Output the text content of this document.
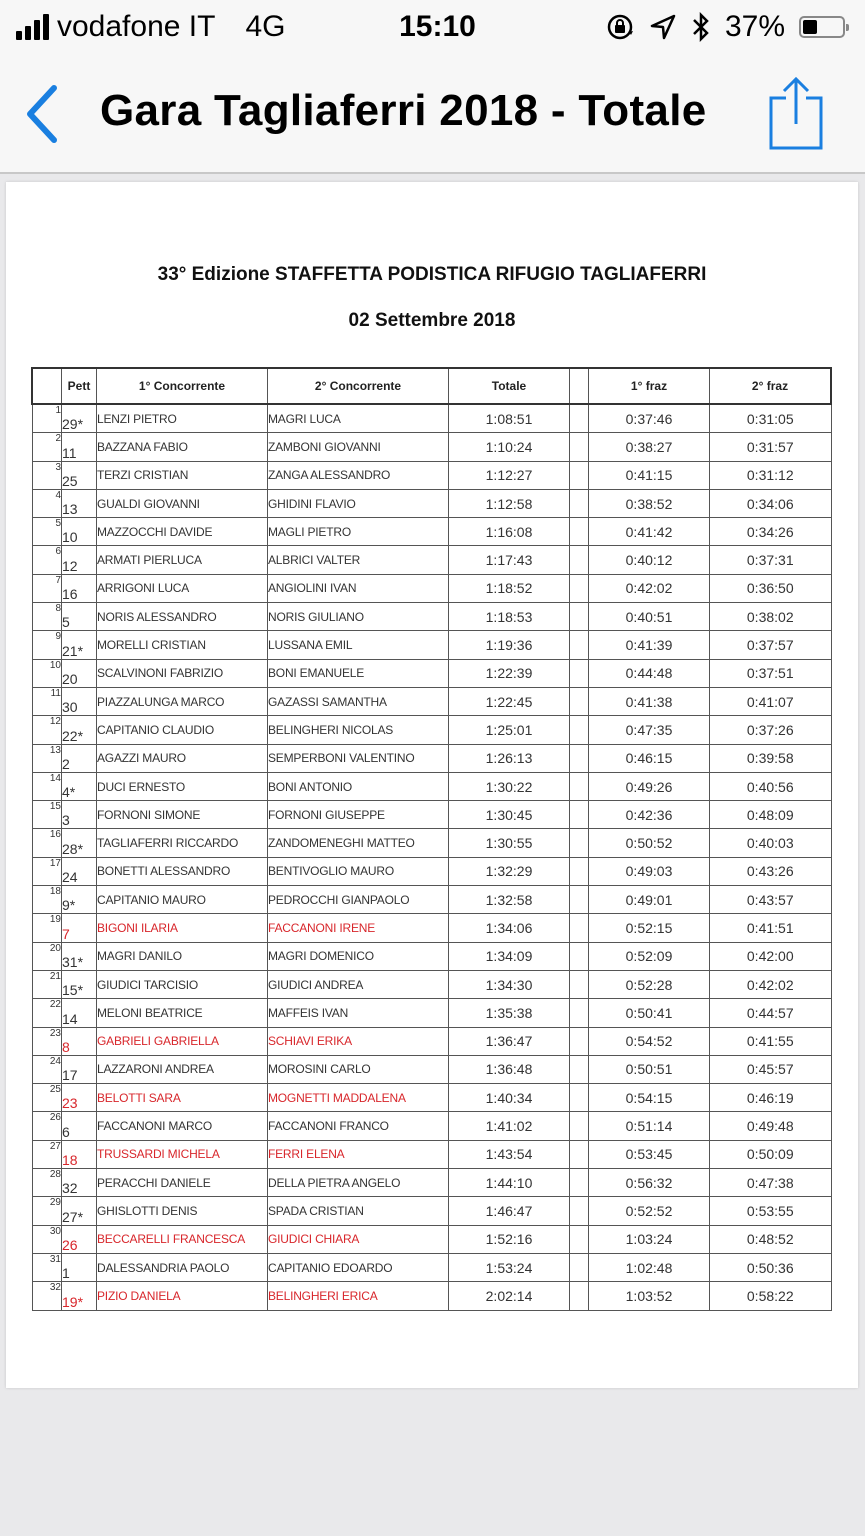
vodafone IT 4G	15:10	37%
Gara Tagliaferri 2018 - Totale
33° Edizione STAFFETTA PODISTICA RIFUGIO TAGLIAFERRI
02 Settembre 2018
	Pett	1° Concorrente	2° Concorrente	Totale		1° fraz	2° fraz
1	29*	LENZI PIETRO	MAGRI LUCA	1:08:51		0:37:46	0:31:05
2	11	BAZZANA FABIO	ZAMBONI GIOVANNI	1:10:24		0:38:27	0:31:57
3	25	TERZI CRISTIAN	ZANGA ALESSANDRO	1:12:27		0:41:15	0:31:12
4	13	GUALDI GIOVANNI	GHIDINI FLAVIO	1:12:58		0:38:52	0:34:06
5	10	MAZZOCCHI DAVIDE	MAGLI PIETRO	1:16:08		0:41:42	0:34:26
6	12	ARMATI PIERLUCA	ALBRICI VALTER	1:17:43		0:40:12	0:37:31
7	16	ARRIGONI LUCA	ANGIOLINI IVAN	1:18:52		0:42:02	0:36:50
8	5	NORIS ALESSANDRO	NORIS GIULIANO	1:18:53		0:40:51	0:38:02
9	21*	MORELLI CRISTIAN	LUSSANA EMIL	1:19:36		0:41:39	0:37:57
10	20	SCALVINONI FABRIZIO	BONI EMANUELE	1:22:39		0:44:48	0:37:51
11	30	PIAZZALUNGA MARCO	GAZASSI SAMANTHA	1:22:45		0:41:38	0:41:07
12	22*	CAPITANIO CLAUDIO	BELINGHERI NICOLAS	1:25:01		0:47:35	0:37:26
13	2	AGAZZI MAURO	SEMPERBONI VALENTINO	1:26:13		0:46:15	0:39:58
14	4*	DUCI ERNESTO	BONI ANTONIO	1:30:22		0:49:26	0:40:56
15	3	FORNONI SIMONE	FORNONI GIUSEPPE	1:30:45		0:42:36	0:48:09
16	28*	TAGLIAFERRI RICCARDO	ZANDOMENEGHI MATTEO	1:30:55		0:50:52	0:40:03
17	24	BONETTI ALESSANDRO	BENTIVOGLIO MAURO	1:32:29		0:49:03	0:43:26
18	9*	CAPITANIO MAURO	PEDROCCHI GIANPAOLO	1:32:58		0:49:01	0:43:57
19	7	BIGONI ILARIA	FACCANONI IRENE	1:34:06		0:52:15	0:41:51
20	31*	MAGRI DANILO	MAGRI DOMENICO	1:34:09		0:52:09	0:42:00
21	15*	GIUDICI TARCISIO	GIUDICI ANDREA	1:34:30		0:52:28	0:42:02
22	14	MELONI BEATRICE	MAFFEIS IVAN	1:35:38		0:50:41	0:44:57
23	8	GABRIELI GABRIELLA	SCHIAVI ERIKA	1:36:47		0:54:52	0:41:55
24	17	LAZZARONI ANDREA	MOROSINI CARLO	1:36:48		0:50:51	0:45:57
25	23	BELOTTI SARA	MOGNETTI MADDALENA	1:40:34		0:54:15	0:46:19
26	6	FACCANONI MARCO	FACCANONI FRANCO	1:41:02		0:51:14	0:49:48
27	18	TRUSSARDI MICHELA	FERRI ELENA	1:43:54		0:53:45	0:50:09
28	32	PERACCHI DANIELE	DELLA PIETRA ANGELO	1:44:10		0:56:32	0:47:38
29	27*	GHISLOTTI DENIS	SPADA CRISTIAN	1:46:47		0:52:52	0:53:55
30	26	BECCARELLI FRANCESCA	GIUDICI CHIARA	1:52:16		1:03:24	0:48:52
31	1	DALESSANDRIA PAOLO	CAPITANIO EDOARDO	1:53:24		1:02:48	0:50:36
32	19*	PIZIO DANIELA	BELINGHERI ERICA	2:02:14		1:03:52	0:58:22
